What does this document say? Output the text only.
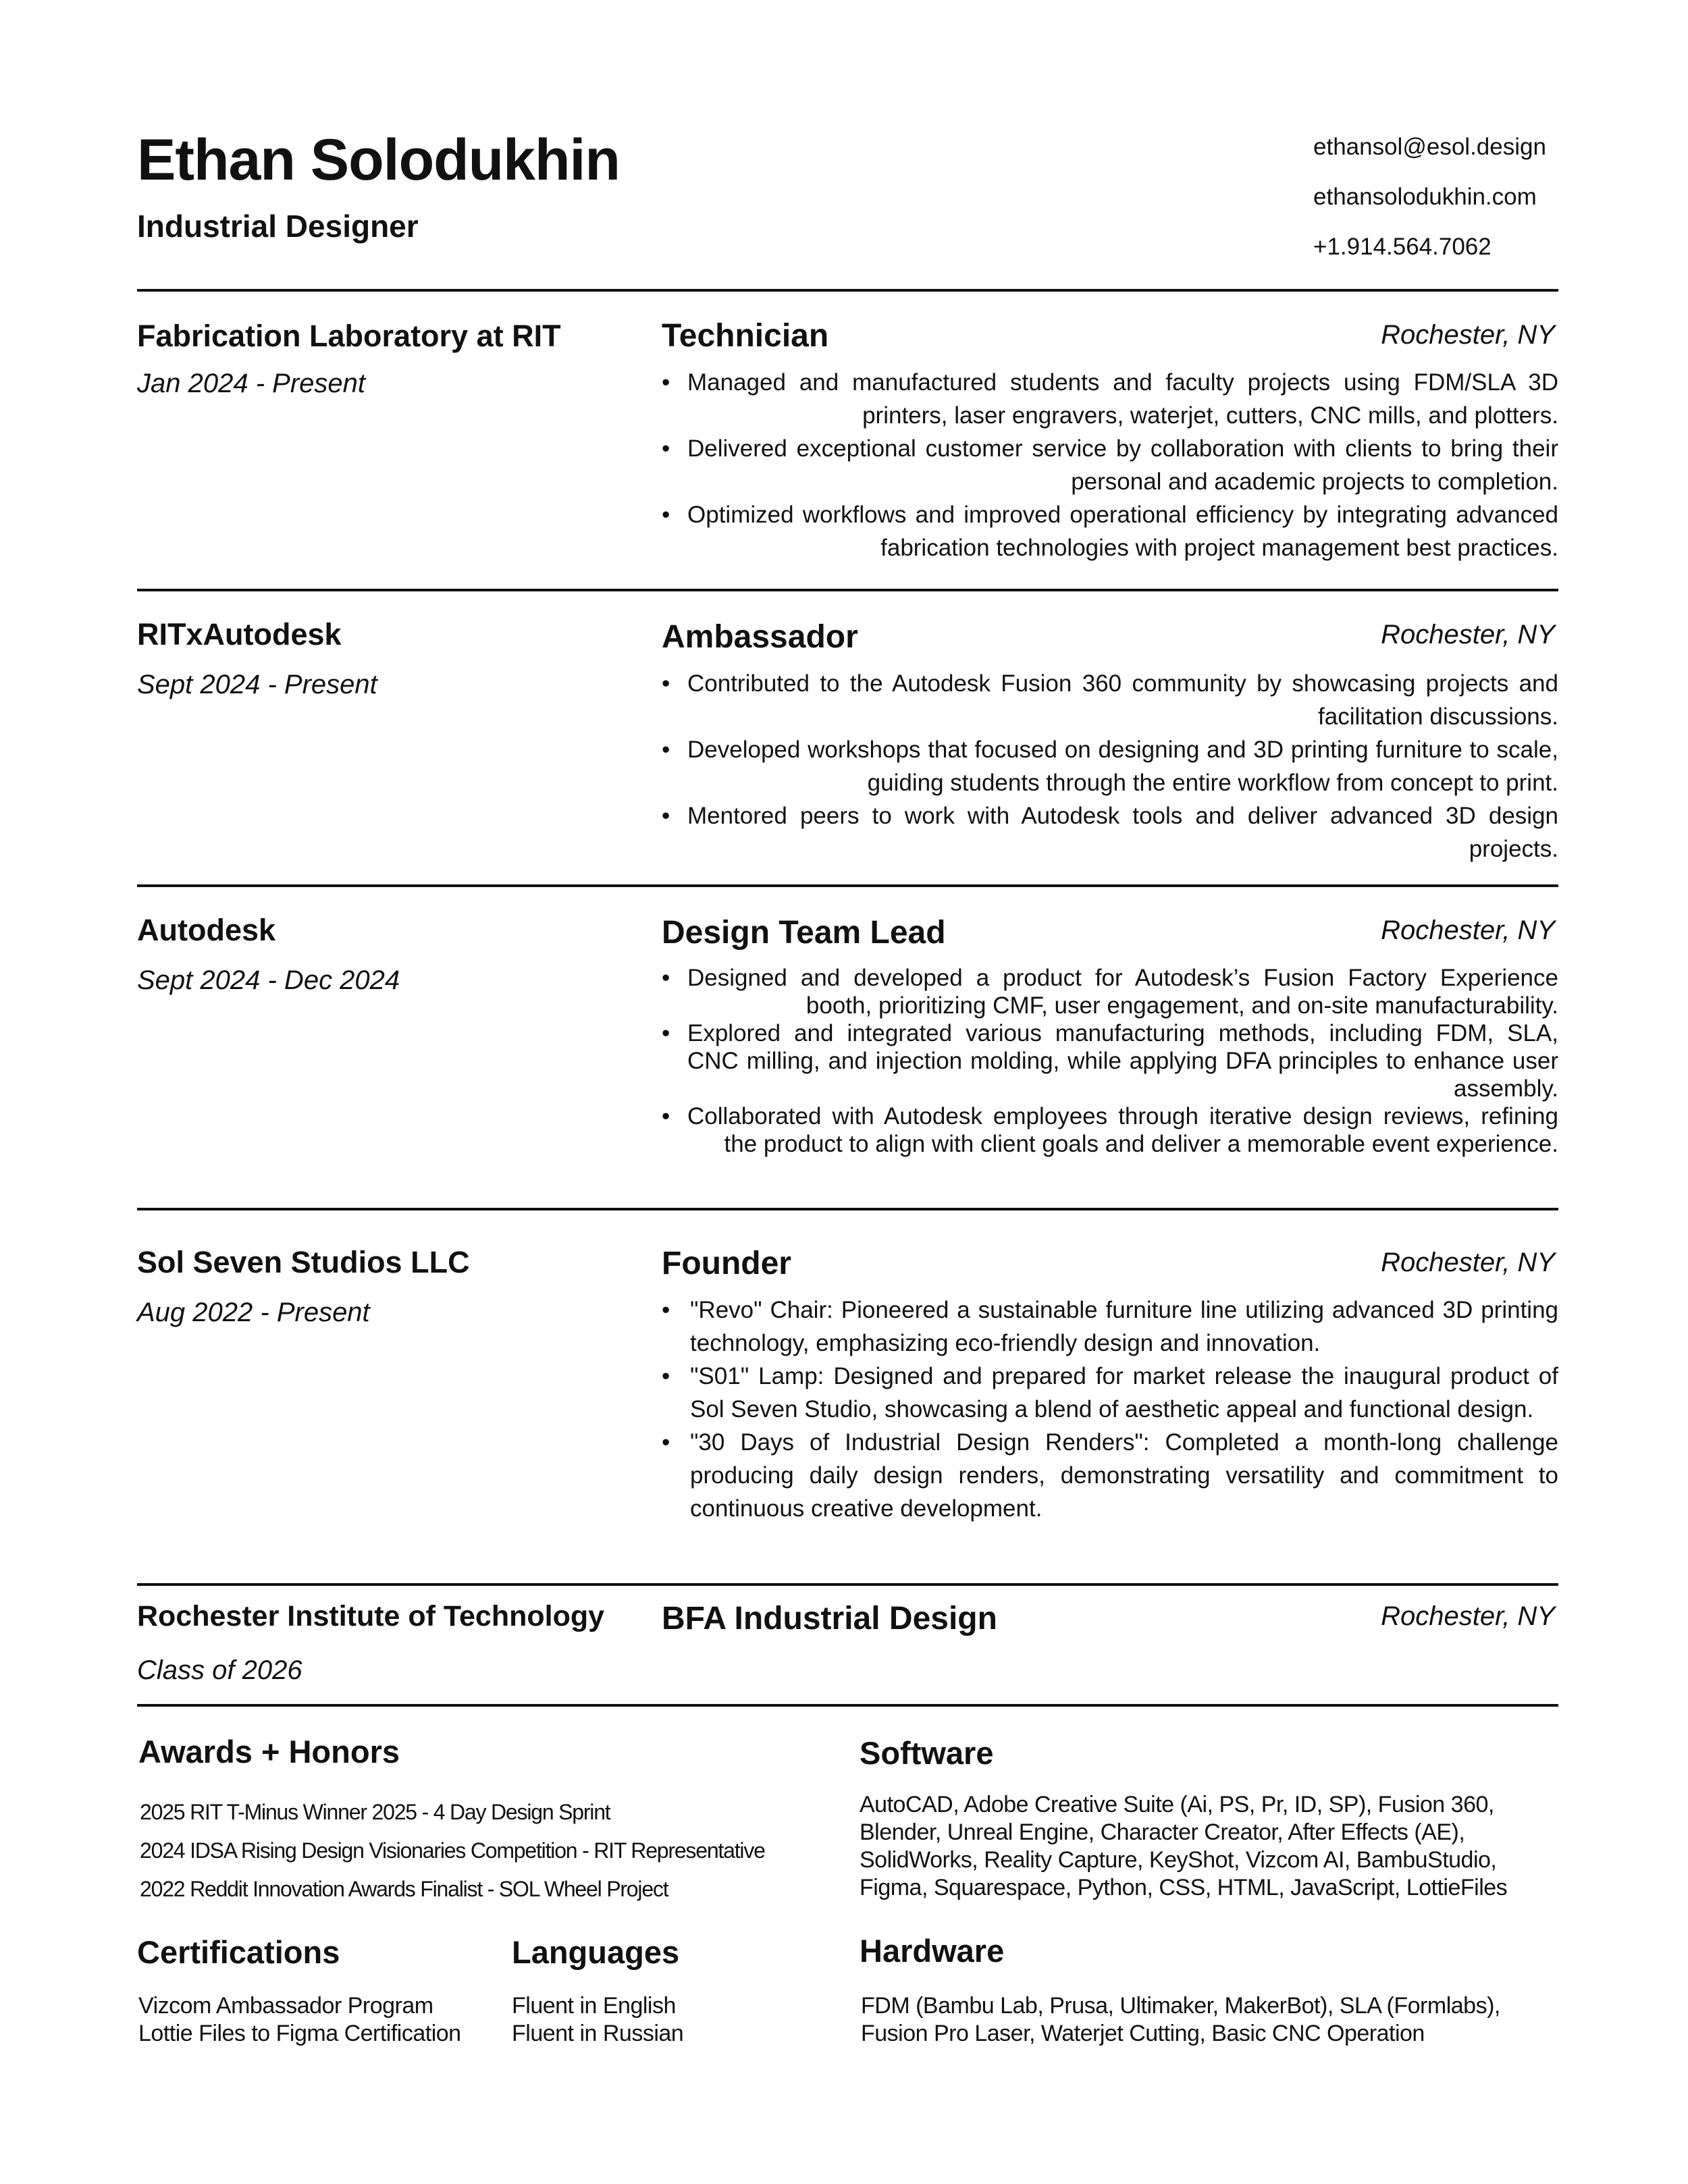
Ethan Solodukhin
Industrial Designer
ethansol@esol.design
ethansolodukhin.com
+1.914.564.7062
Fabrication Laboratory at RIT
Jan 2024 - Present
Technician	Rochester, NY
• Managed and manufactured students and faculty projects using FDM/SLA 3D printers, laser engravers, waterjet, cutters, CNC mills, and plotters.
• Delivered exceptional customer service by collaboration with clients to bring their personal and academic projects to completion.
• Optimized workflows and improved operational efficiency by integrating advanced fabrication technologies with project management best practices.
RITxAutodesk
Sept 2024 - Present
Ambassador	Rochester, NY
• Contributed to the Autodesk Fusion 360 community by showcasing projects and facilitation discussions.
• Developed workshops that focused on designing and 3D printing furniture to scale, guiding students through the entire workflow from concept to print.
• Mentored peers to work with Autodesk tools and deliver advanced 3D design projects.
Autodesk
Sept 2024 - Dec 2024
Design Team Lead	Rochester, NY
• Designed and developed a product for Autodesk’s Fusion Factory Experience booth, prioritizing CMF, user engagement, and on-site manufacturability.
• Explored and integrated various manufacturing methods, including FDM, SLA, CNC milling, and injection molding, while applying DFA principles to enhance user assembly.
• Collaborated with Autodesk employees through iterative design reviews, refining the product to align with client goals and deliver a memorable event experience.
Sol Seven Studios LLC
Aug 2022 - Present
Founder	Rochester, NY
• "Revo" Chair: Pioneered a sustainable furniture line utilizing advanced 3D printing technology, emphasizing eco-friendly design and innovation.
• "S01" Lamp: Designed and prepared for market release the inaugural product of Sol Seven Studio, showcasing a blend of aesthetic appeal and functional design.
• "30 Days of Industrial Design Renders": Completed a month-long challenge producing daily design renders, demonstrating versatility and commitment to continuous creative development.
Rochester Institute of Technology
Class of 2026
BFA Industrial Design	Rochester, NY
Awards + Honors
2025 RIT T-Minus Winner 2025 - 4 Day Design Sprint
2024 IDSA Rising Design Visionaries Competition - RIT Representative
2022 Reddit Innovation Awards Finalist - SOL Wheel Project
Software
AutoCAD, Adobe Creative Suite (Ai, PS, Pr, ID, SP), Fusion 360, Blender, Unreal Engine, Character Creator, After Effects (AE), SolidWorks, Reality Capture, KeyShot, Vizcom AI, BambuStudio, Figma, Squarespace, Python, CSS, HTML, JavaScript, LottieFiles
Certifications
Vizcom Ambassador Program
Lottie Files to Figma Certification
Languages
Fluent in English
Fluent in Russian
Hardware
FDM (Bambu Lab, Prusa, Ultimaker, MakerBot), SLA (Formlabs), Fusion Pro Laser, Waterjet Cutting, Basic CNC Operation
